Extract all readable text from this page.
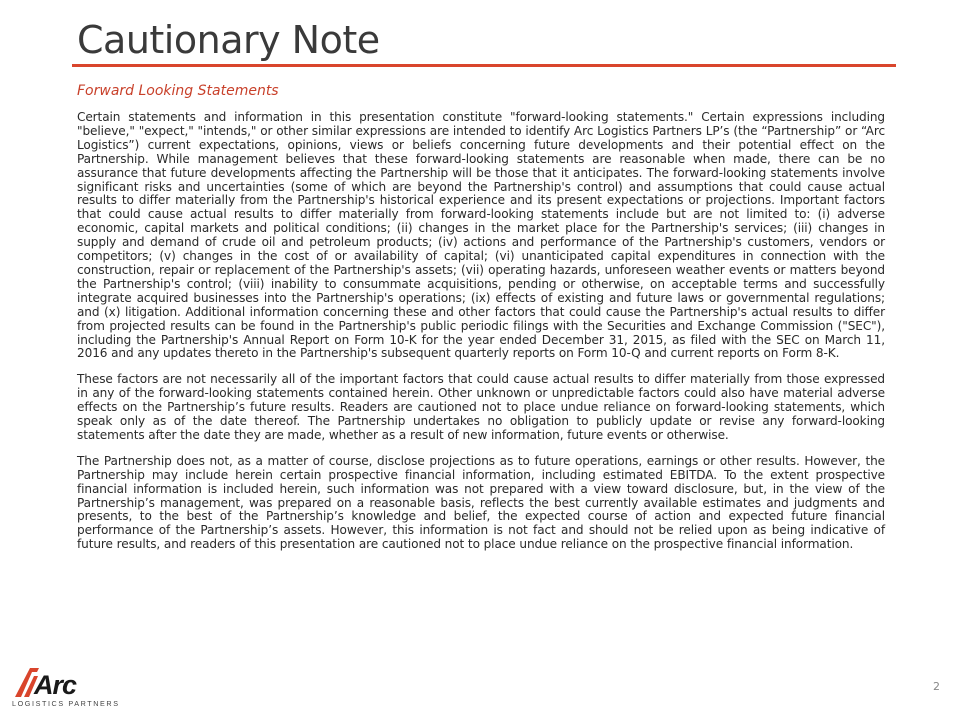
Cautionary Note
Forward Looking Statements

Certain statements and information in this presentation constitute "forward-looking statements." Certain expressions including "believe," "expect," "intends," or other similar expressions are intended to identify Arc Logistics Partners LP’s (the “Partnership” or “Arc Logistics”) current expectations, opinions, views or beliefs concerning future developments and their potential effect on the Partnership. While management believes that these forward-looking statements are reasonable when made, there can be no assurance that future developments affecting the Partnership will be those that it anticipates. The forward-looking statements involve significant risks and uncertainties (some of which are beyond the Partnership's control) and assumptions that could cause actual results to differ materially from the Partnership's historical experience and its present expectations or projections. Important factors that could cause actual results to differ materially from forward-looking statements include but are not limited to: (i) adverse economic, capital markets and political conditions; (ii) changes in the market place for the Partnership's services; (iii) changes in supply and demand of crude oil and petroleum products; (iv) actions and performance of the Partnership's customers, vendors or competitors; (v) changes in the cost of or availability of capital; (vi) unanticipated capital expenditures in connection with the construction, repair or replacement of the Partnership's assets; (vii) operating hazards, unforeseen weather events or matters beyond the Partnership's control; (viii) inability to consummate acquisitions, pending or otherwise, on acceptable terms and successfully integrate acquired businesses into the Partnership's operations; (ix) effects of existing and future laws or governmental regulations; and (x) litigation. Additional information concerning these and other factors that could cause the Partnership's actual results to differ from projected results can be found in the Partnership's public periodic filings with the Securities and Exchange Commission ("SEC"), including the Partnership's Annual Report on Form 10-K for the year ended December 31, 2015, as filed with the SEC on March 11, 2016 and any updates thereto in the Partnership's subsequent quarterly reports on Form 10-Q and current reports on Form 8-K.

These factors are not necessarily all of the important factors that could cause actual results to differ materially from those expressed in any of the forward-looking statements contained herein. Other unknown or unpredictable factors could also have material adverse effects on the Partnership’s future results. Readers are cautioned not to place undue reliance on forward-looking statements, which speak only as of the date thereof. The Partnership undertakes no obligation to publicly update or revise any forward-looking statements after the date they are made, whether as a result of new information, future events or otherwise.

The Partnership does not, as a matter of course, disclose projections as to future operations, earnings or other results. However, the Partnership may include herein certain prospective financial information, including estimated EBITDA. To the extent prospective financial information is included herein, such information was not prepared with a view toward disclosure, but, in the view of the Partnership’s management, was prepared on a reasonable basis, reflects the best currently available estimates and judgments and presents, to the best of the Partnership’s knowledge and belief, the expected course of action and expected future financial performance of the Partnership’s assets. However, this information is not fact and should not be relied upon as being indicative of future results, and readers of this presentation are cautioned not to place undue reliance on the prospective financial information.

Arc
LOGISTICS PARTNERS
2
